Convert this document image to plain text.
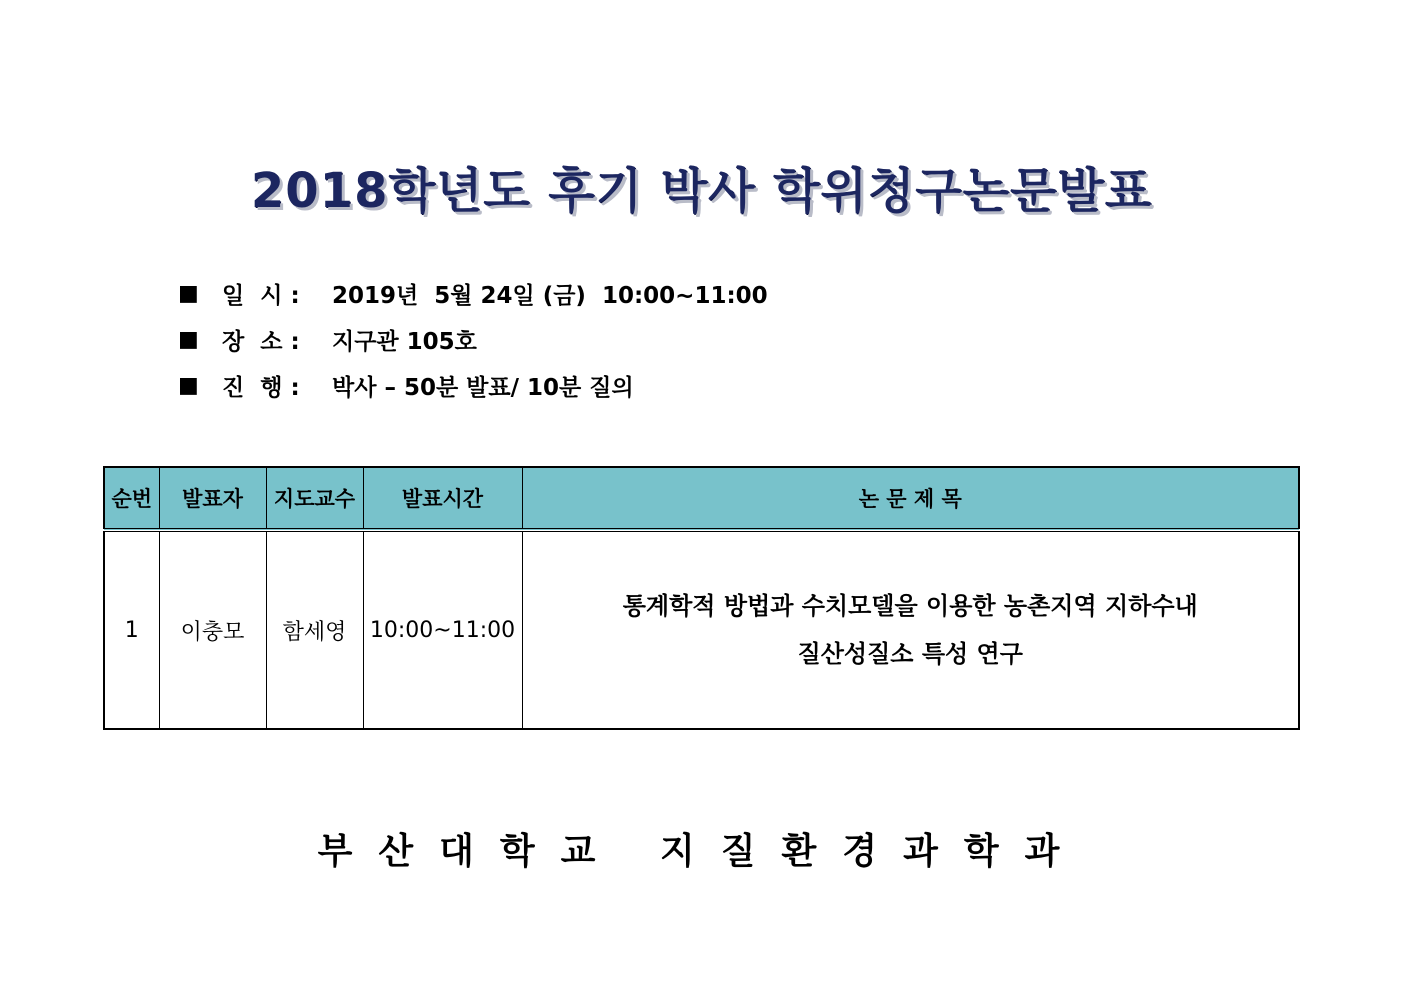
2018학년도 후기 박사 학위청구논문발표
■	일  시 :	2019년  5월 24일 (금)  10:00~11:00
■	장  소 :	지구관 105호
■	진  행 :	박사 – 50분 발표/ 10분 질의
순번	발표자	지도교수	발표시간	논 문 제 목
1	이충모	함세영	10:00~11:00	통계학적 방법과 수치모델을 이용한 농촌지역 지하수내
질산성질소 특성 연구
부산대학교 지질환경과학과
